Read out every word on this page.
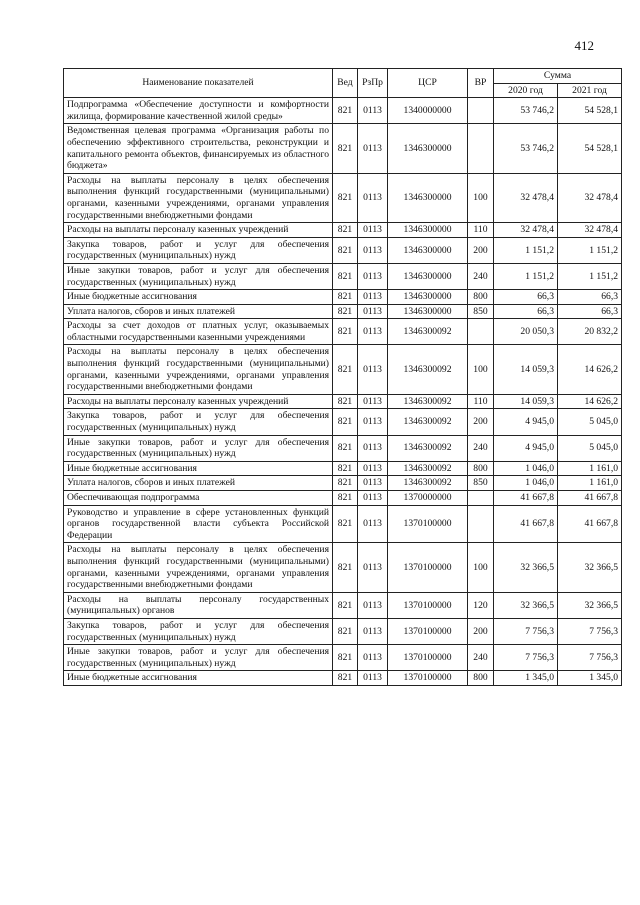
412
Наименование показателей	Вед	РзПр	ЦСР	ВР	Сумма	
					2020 год	2021 год
Подпрограмма «Обеспечение доступности и комфортности жилища, формирование качественной жилой среды»	821	0113	1340000000		53 746,2	54 528,1
Ведомственная целевая программа «Организация работы по обеспечению эффективного строительства, реконструкции и капитального ремонта объектов, финансируемых из областного бюджета»	821	0113	1346300000		53 746,2	54 528,1
Расходы на выплаты персоналу в целях обеспечения выполнения функций государственными (муниципальными) органами, казенными учреждениями, органами управления государственными внебюджетными фондами	821	0113	1346300000	100	32 478,4	32 478,4
Расходы на выплаты персоналу казенных учреждений	821	0113	1346300000	110	32 478,4	32 478,4
Закупка товаров, работ и услуг для обеспечения государственных (муниципальных) нужд	821	0113	1346300000	200	1 151,2	1 151,2
Иные закупки товаров, работ и услуг для обеспечения государственных (муниципальных) нужд	821	0113	1346300000	240	1 151,2	1 151,2
Иные бюджетные ассигнования	821	0113	1346300000	800	66,3	66,3
Уплата налогов, сборов и иных платежей	821	0113	1346300000	850	66,3	66,3
Расходы за счет доходов от платных услуг, оказываемых областными государственными казенными учреждениями	821	0113	1346300092		20 050,3	20 832,2
Расходы на выплаты персоналу в целях обеспечения выполнения функций государственными (муниципальными) органами, казенными учреждениями, органами управления государственными внебюджетными фондами	821	0113	1346300092	100	14 059,3	14 626,2
Расходы на выплаты персоналу казенных учреждений	821	0113	1346300092	110	14 059,3	14 626,2
Закупка товаров, работ и услуг для обеспечения государственных (муниципальных) нужд	821	0113	1346300092	200	4 945,0	5 045,0
Иные закупки товаров, работ и услуг для обеспечения государственных (муниципальных) нужд	821	0113	1346300092	240	4 945,0	5 045,0
Иные бюджетные ассигнования	821	0113	1346300092	800	1 046,0	1 161,0
Уплата налогов, сборов и иных платежей	821	0113	1346300092	850	1 046,0	1 161,0
Обеспечивающая подпрограмма	821	0113	1370000000		41 667,8	41 667,8
Руководство и управление в сфере установленных функций органов государственной власти субъекта Российской Федерации	821	0113	1370100000		41 667,8	41 667,8
Расходы на выплаты персоналу в целях обеспечения выполнения функций государственными (муниципальными) органами, казенными учреждениями, органами управления государственными внебюджетными фондами	821	0113	1370100000	100	32 366,5	32 366,5
Расходы на выплаты персоналу государственных (муниципальных) органов	821	0113	1370100000	120	32 366,5	32 366,5
Закупка товаров, работ и услуг для обеспечения государственных (муниципальных) нужд	821	0113	1370100000	200	7 756,3	7 756,3
Иные закупки товаров, работ и услуг для обеспечения государственных (муниципальных) нужд	821	0113	1370100000	240	7 756,3	7 756,3
Иные бюджетные ассигнования	821	0113	1370100000	800	1 345,0	1 345,0
